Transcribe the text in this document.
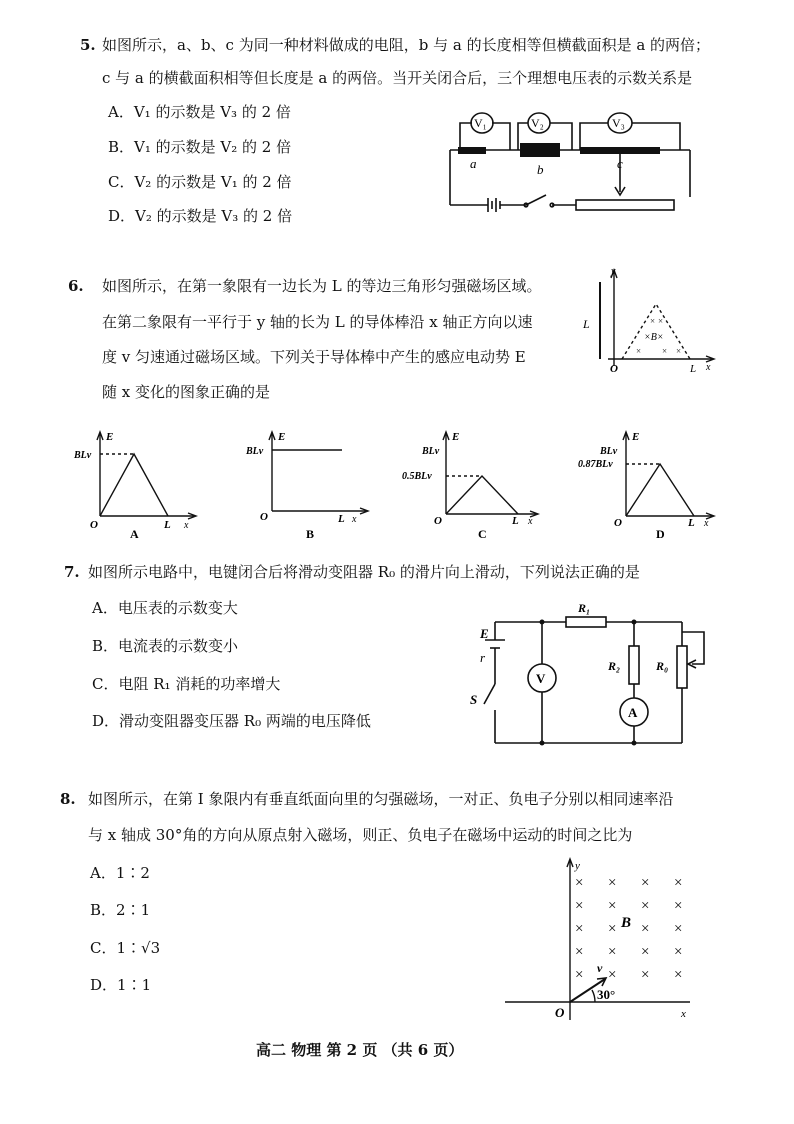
5. 如图所示，a、b、c 为同一种材料做成的电阻，b 与 a 的长度相等但横截面积是 a 的两倍；
c 与 a 的横截面积相等但长度是 a 的两倍。当开关闭合后，三个理想电压表的示数关系是
A．V₁ 的示数是 V₃ 的 2 倍
B．V₁ 的示数是 V₂ 的 2 倍
C．V₂ 的示数是 V₁ 的 2 倍
D．V₂ 的示数是 V₃ 的 2 倍
V₁	V₂	V₃
a	b	c
6. 如图所示，在第一象限有一边长为 L 的等边三角形匀强磁场区域。
在第二象限有一平行于 y 轴的长为 L 的导体棒沿 x 轴正方向以速
度 v 匀速通过磁场区域。下列关于导体棒中产生的感应电动势 E
随 x 变化的图象正确的是
× ×
× ×
×
y
x
O
L
L
×B×
E
BLv
O	L x
A
E
BLv
O	L x
B
E
BLv
0.5BLv
O	L x
C
E
BLv
0.87BLv
O	L x
D
7. 如图所示电路中，电键闭合后将滑动变阻器 R₀ 的滑片向上滑动，下列说法正确的是
A．电压表的示数变大
B．电流表的示数变小
C．电阻 R₁ 消耗的功率增大
D．滑动变阻器变压器 R₀ 两端的电压降低
E
r
S
V
A
R₁
R₂	R₀
8. 如图所示，在第 I 象限内有垂直纸面向里的匀强磁场，一对正、负电子分别以相同速率沿
与 x 轴成 30°角的方向从原点射入磁场，则正、负电子在磁场中运动的时间之比为
A．1∶2
B．2∶1
C．1∶√3
D．1∶1
× × × ×
× × × ×
× × × ×
× × × ×
× × × ×
y
x
O
B
v
30°
高二 物理 第 2 页 （共 6 页）
